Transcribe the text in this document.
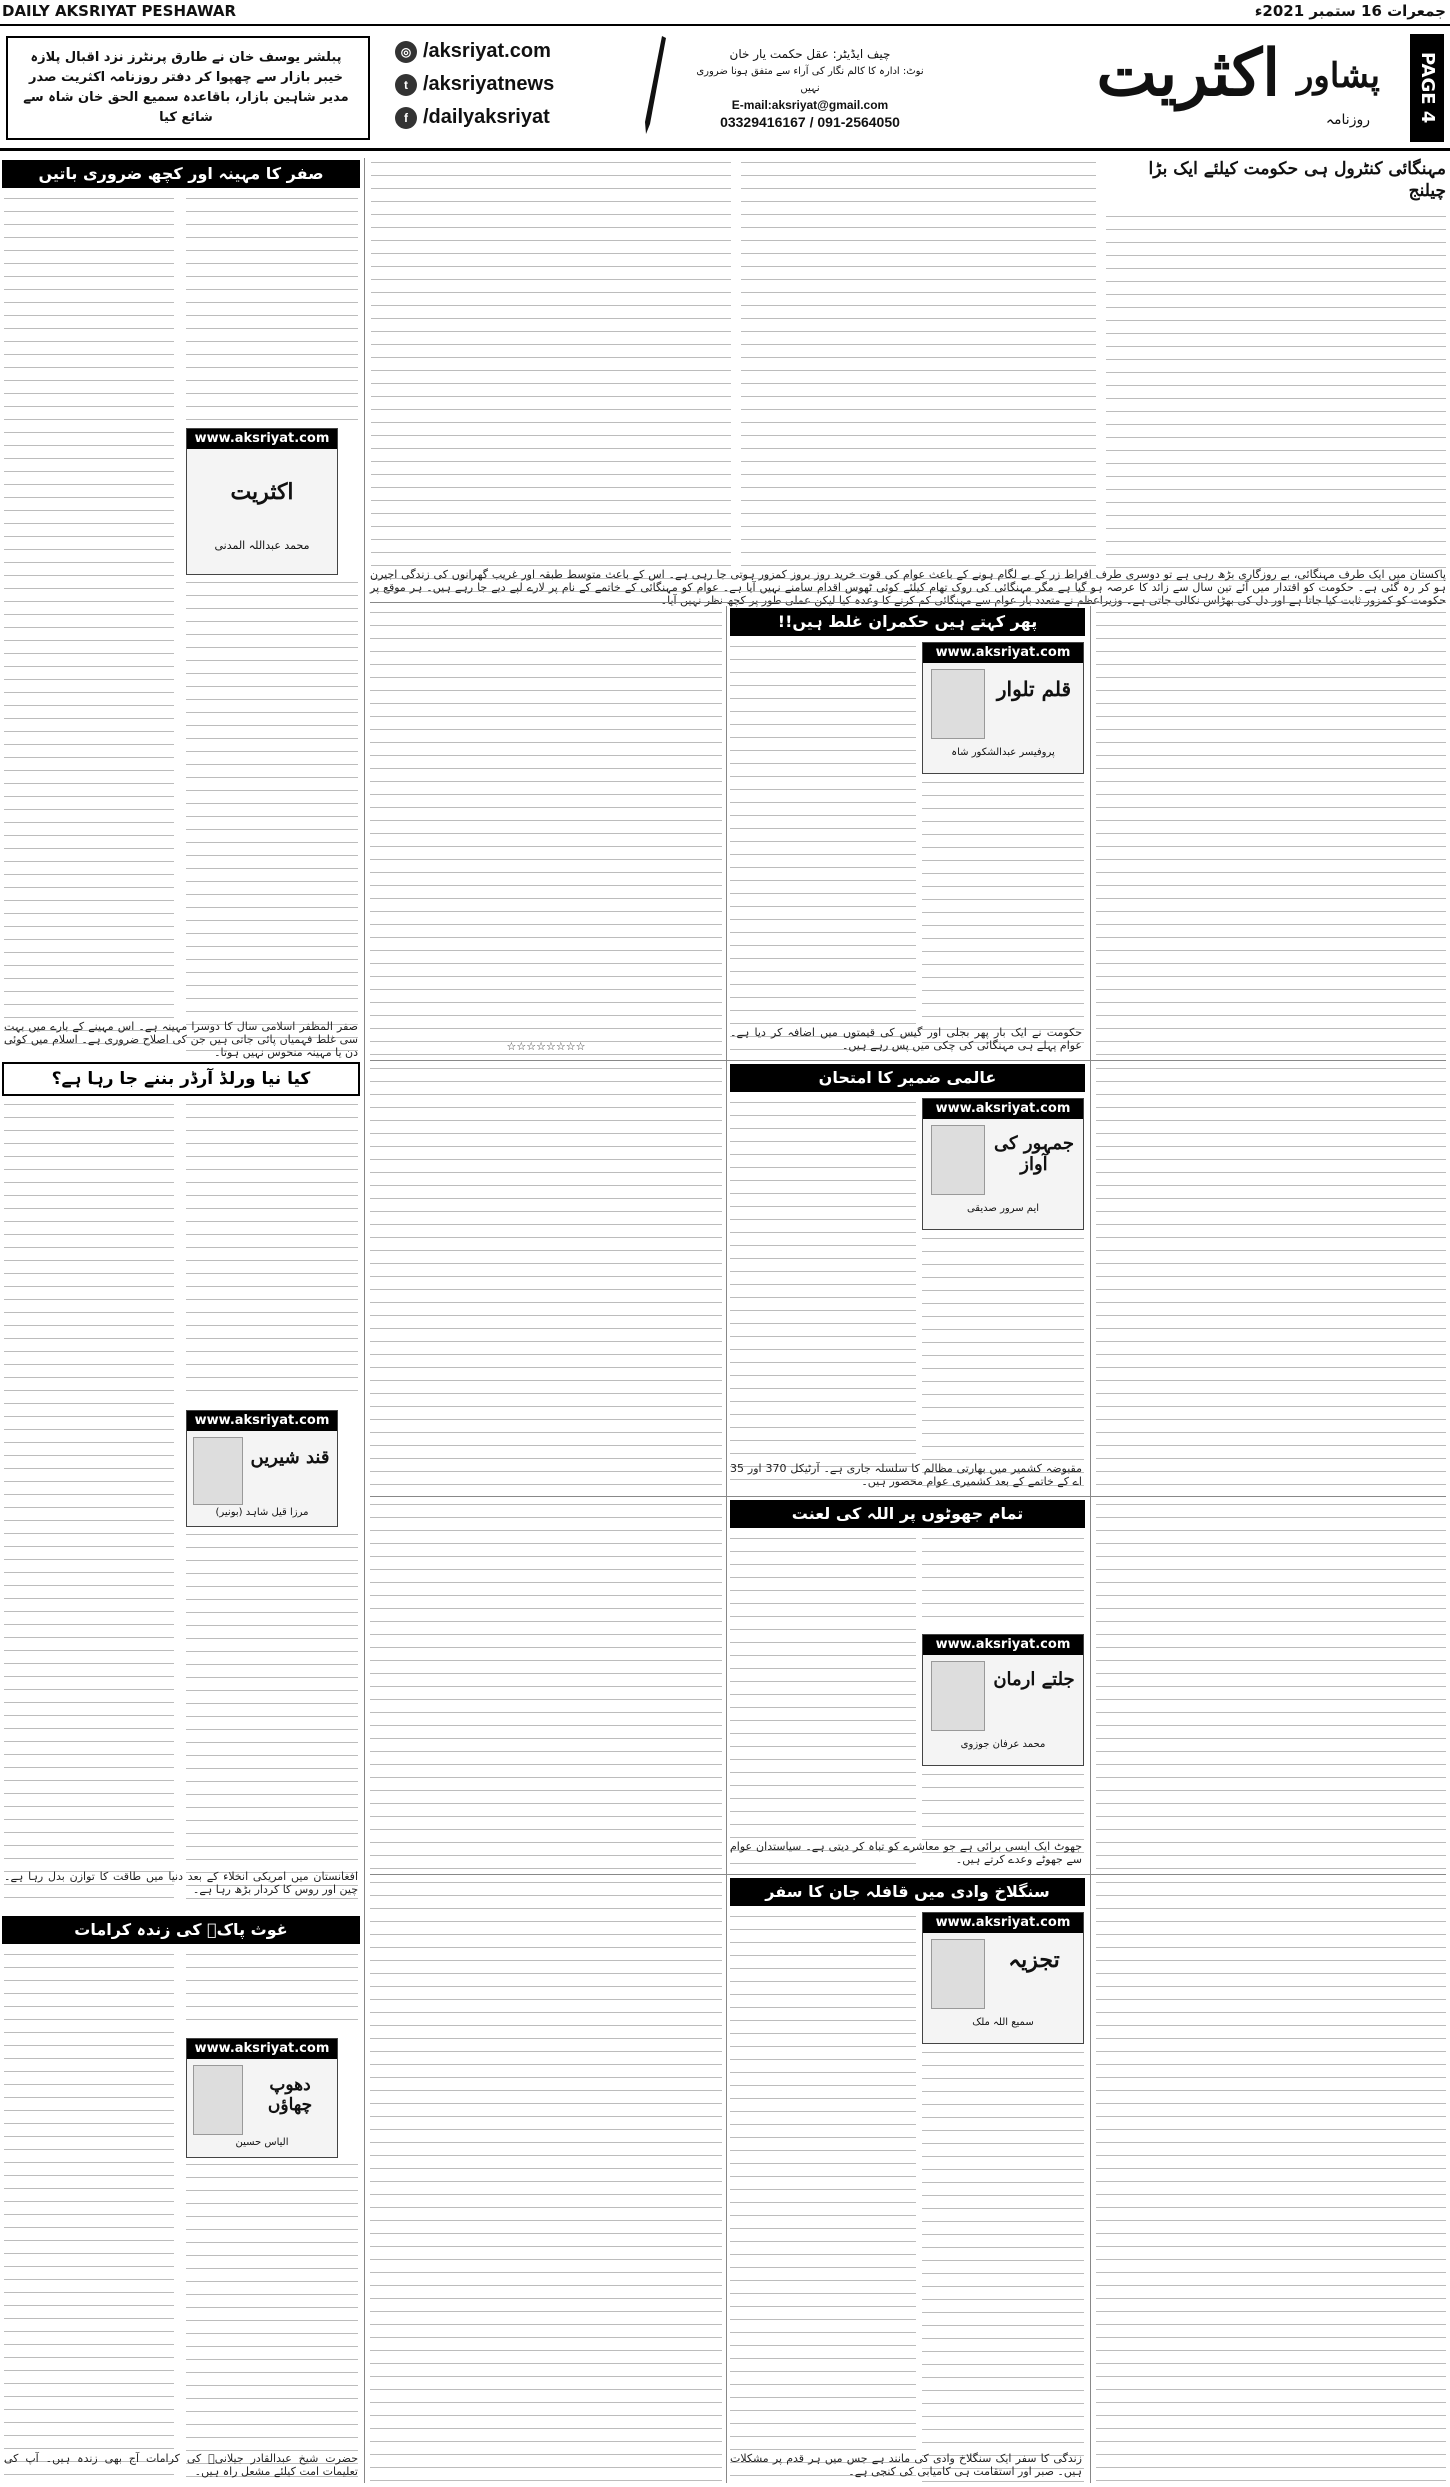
DAILY AKSRIYAT PESHAWAR	جمعرات 16 ستمبر 2021ء
پبلشر یوسف خان نے طارق پرنٹرز نزد اقبال پلازہ خیبر بازار سے چھپوا کر دفتر روزنامہ اکثریت صدر مدیر شاہین بازار، باقاعدہ سمیع الحق خان شاہ سے شائع کیا
◎ /aksriyat.com
t /aksriyatnews
f /dailyaksriyat
چیف ایڈیٹر: عقل حکمت یار خان
نوٹ: ادارہ کا کالم نگار کی آراء سے متفق ہونا ضروری نہیں
E-mail:aksriyat@gmail.com
091-2564050 / 03329416167
اکثریت پشاور
روزنامہ	PAGE 4
صفر کا مہینہ اور کچھ ضروری باتیں
www.aksriyat.com
اکثریت
محمد عبداللہ المدنی
صفر المظفر اسلامی سال کا دوسرا مہینہ ہے۔ اس مہینے کے بارے میں بہت سی غلط فہمیاں پائی جاتی ہیں جن کی اصلاح ضروری ہے۔ اسلام میں کوئی دن یا مہینہ منحوس نہیں ہوتا۔
کیا نیا ورلڈ آرڈر بننے جا رہا ہے؟
www.aksriyat.com
قند شیریں
مرزا قیل شاہد (بونیر)
افغانستان میں امریکی انخلاء کے بعد دنیا میں طاقت کا توازن بدل رہا ہے۔ چین اور روس کا کردار بڑھ رہا ہے۔
غوث پاکؒ کی زندہ کرامات
www.aksriyat.com
دھوپ چھاؤں
الیاس حسین
حضرت شیخ عبدالقادر جیلانیؒ کی کرامات آج بھی زندہ ہیں۔ آپ کی تعلیمات امت کیلئے مشعل راہ ہیں۔
مہنگائی کنٹرول ہی حکومت کیلئے ایک بڑا چیلنج
پاکستان میں ایک طرف مہنگائی، بے روزگاری بڑھ رہی ہے تو دوسری طرف افراط زر کے بے لگام ہونے کے باعث عوام کی قوت خرید روز بروز کمزور ہوتی جا رہی ہے۔ اس کے باعث متوسط طبقہ اور غریب گھرانوں کی زندگی اجیرن ہو کر رہ گئی ہے۔ حکومت کو اقتدار میں آئے تین سال سے زائد کا عرصہ ہو گیا ہے مگر مہنگائی کی روک تھام کیلئے کوئی ٹھوس اقدام سامنے نہیں آیا ہے۔ عوام کو مہنگائی کے خاتمے کے نام پر لارے لپے دیے جا رہے ہیں۔ ہر موقع پر حکومت کو کمزور ثابت کیا جاتا ہے اور دل کی بھڑاس نکالی جاتی ہے۔ وزیراعظم نے متعدد بار عوام سے مہنگائی کم کرنے کا وعدہ کیا لیکن عملی طور پر کچھ نظر نہیں آیا۔
پھر کہتے ہیں حکمران غلط ہیں!!
www.aksriyat.com
قلم تلوار
پروفیسر عبدالشکور شاہ
حکومت نے ایک بار پھر بجلی اور گیس کی قیمتوں میں اضافہ کر دیا ہے۔ عوام پہلے ہی مہنگائی کی چکی میں پس رہے ہیں۔
☆☆☆☆☆☆☆☆
عالمی ضمیر کا امتحان
www.aksriyat.com
جمہور کی آواز
ایم سرور صدیقی
مقبوضہ کشمیر میں بھارتی مظالم کا سلسلہ جاری ہے۔ آرٹیکل 370 اور 35 اے کے خاتمے کے بعد کشمیری عوام محصور ہیں۔
تمام جھوٹوں پر اللہ کی لعنت
www.aksriyat.com
جلتے ارمان
محمد عرفان جوزوی
جھوٹ ایک ایسی برائی ہے جو معاشرے کو تباہ کر دیتی ہے۔ سیاستدان عوام سے جھوٹے وعدے کرتے ہیں۔
سنگلاخ وادی میں قافلہ جان کا سفر
www.aksriyat.com
تجزیہ
سمیع اللہ ملک
زندگی کا سفر ایک سنگلاخ وادی کی مانند ہے جس میں ہر قدم پر مشکلات ہیں۔ صبر اور استقامت ہی کامیابی کی کنجی ہے۔
